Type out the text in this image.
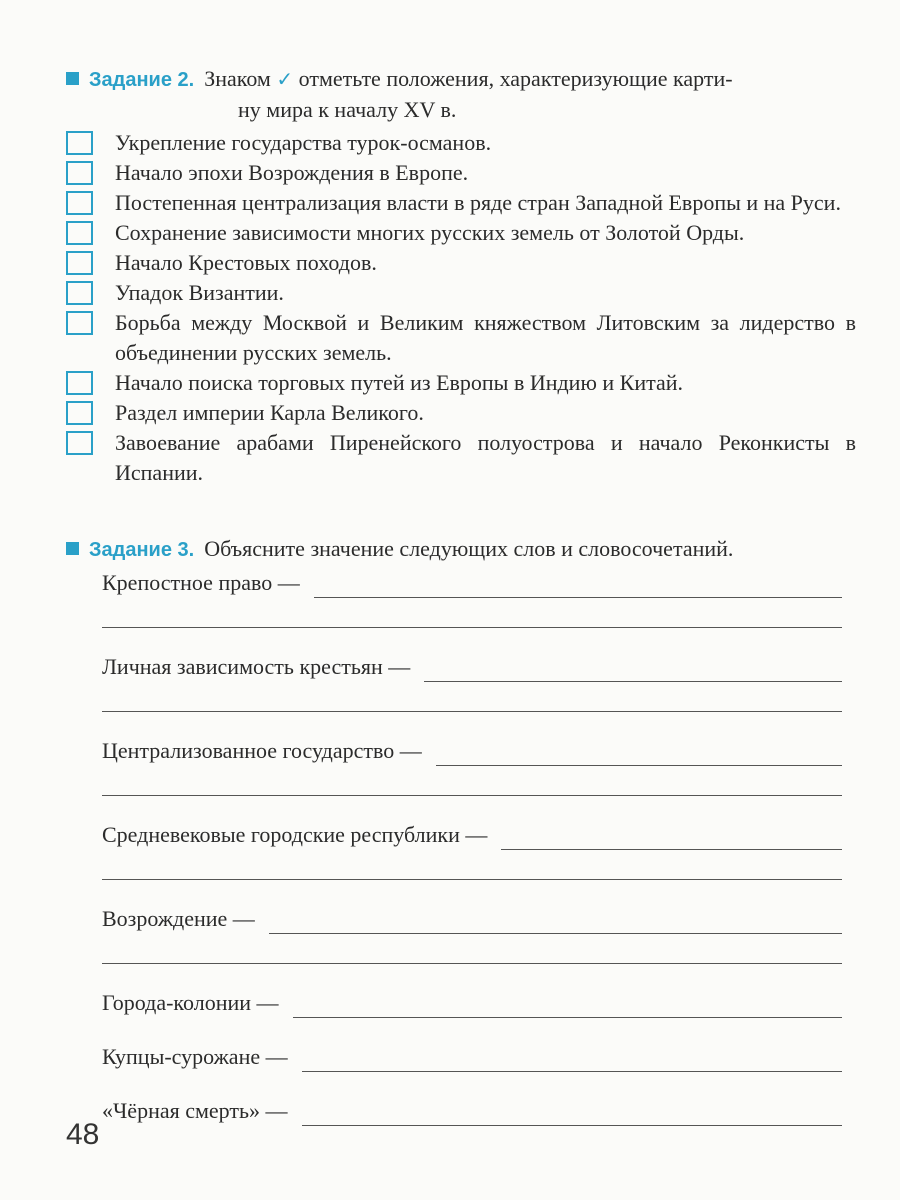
Задание 2. Знаком ✓ отметьте положения, характеризующие карти-
ну мира к началу XV в.
Укрепление государства турок-османов.
Начало эпохи Возрождения в Европе.
Постепенная централизация власти в ряде стран Западной Европы и на Руси.
Сохранение зависимости многих русских земель от Золотой Орды.
Начало Крестовых походов.
Упадок Византии.
Борьба между Москвой и Великим княжеством Литовским за лидерство в объединении русских земель.
Начало поиска торговых путей из Европы в Индию и Китай.
Раздел империи Карла Великого.
Завоевание арабами Пиренейского полуострова и начало Реконкисты в Испании.
Задание 3. Объясните значение следующих слов и словосочетаний.
Крепостное право —
Личная зависимость крестьян —
Централизованное государство —
Средневековые городские республики —
Возрождение —
Города-колонии —
Купцы-сурожане —
«Чёрная смерть» —
48
